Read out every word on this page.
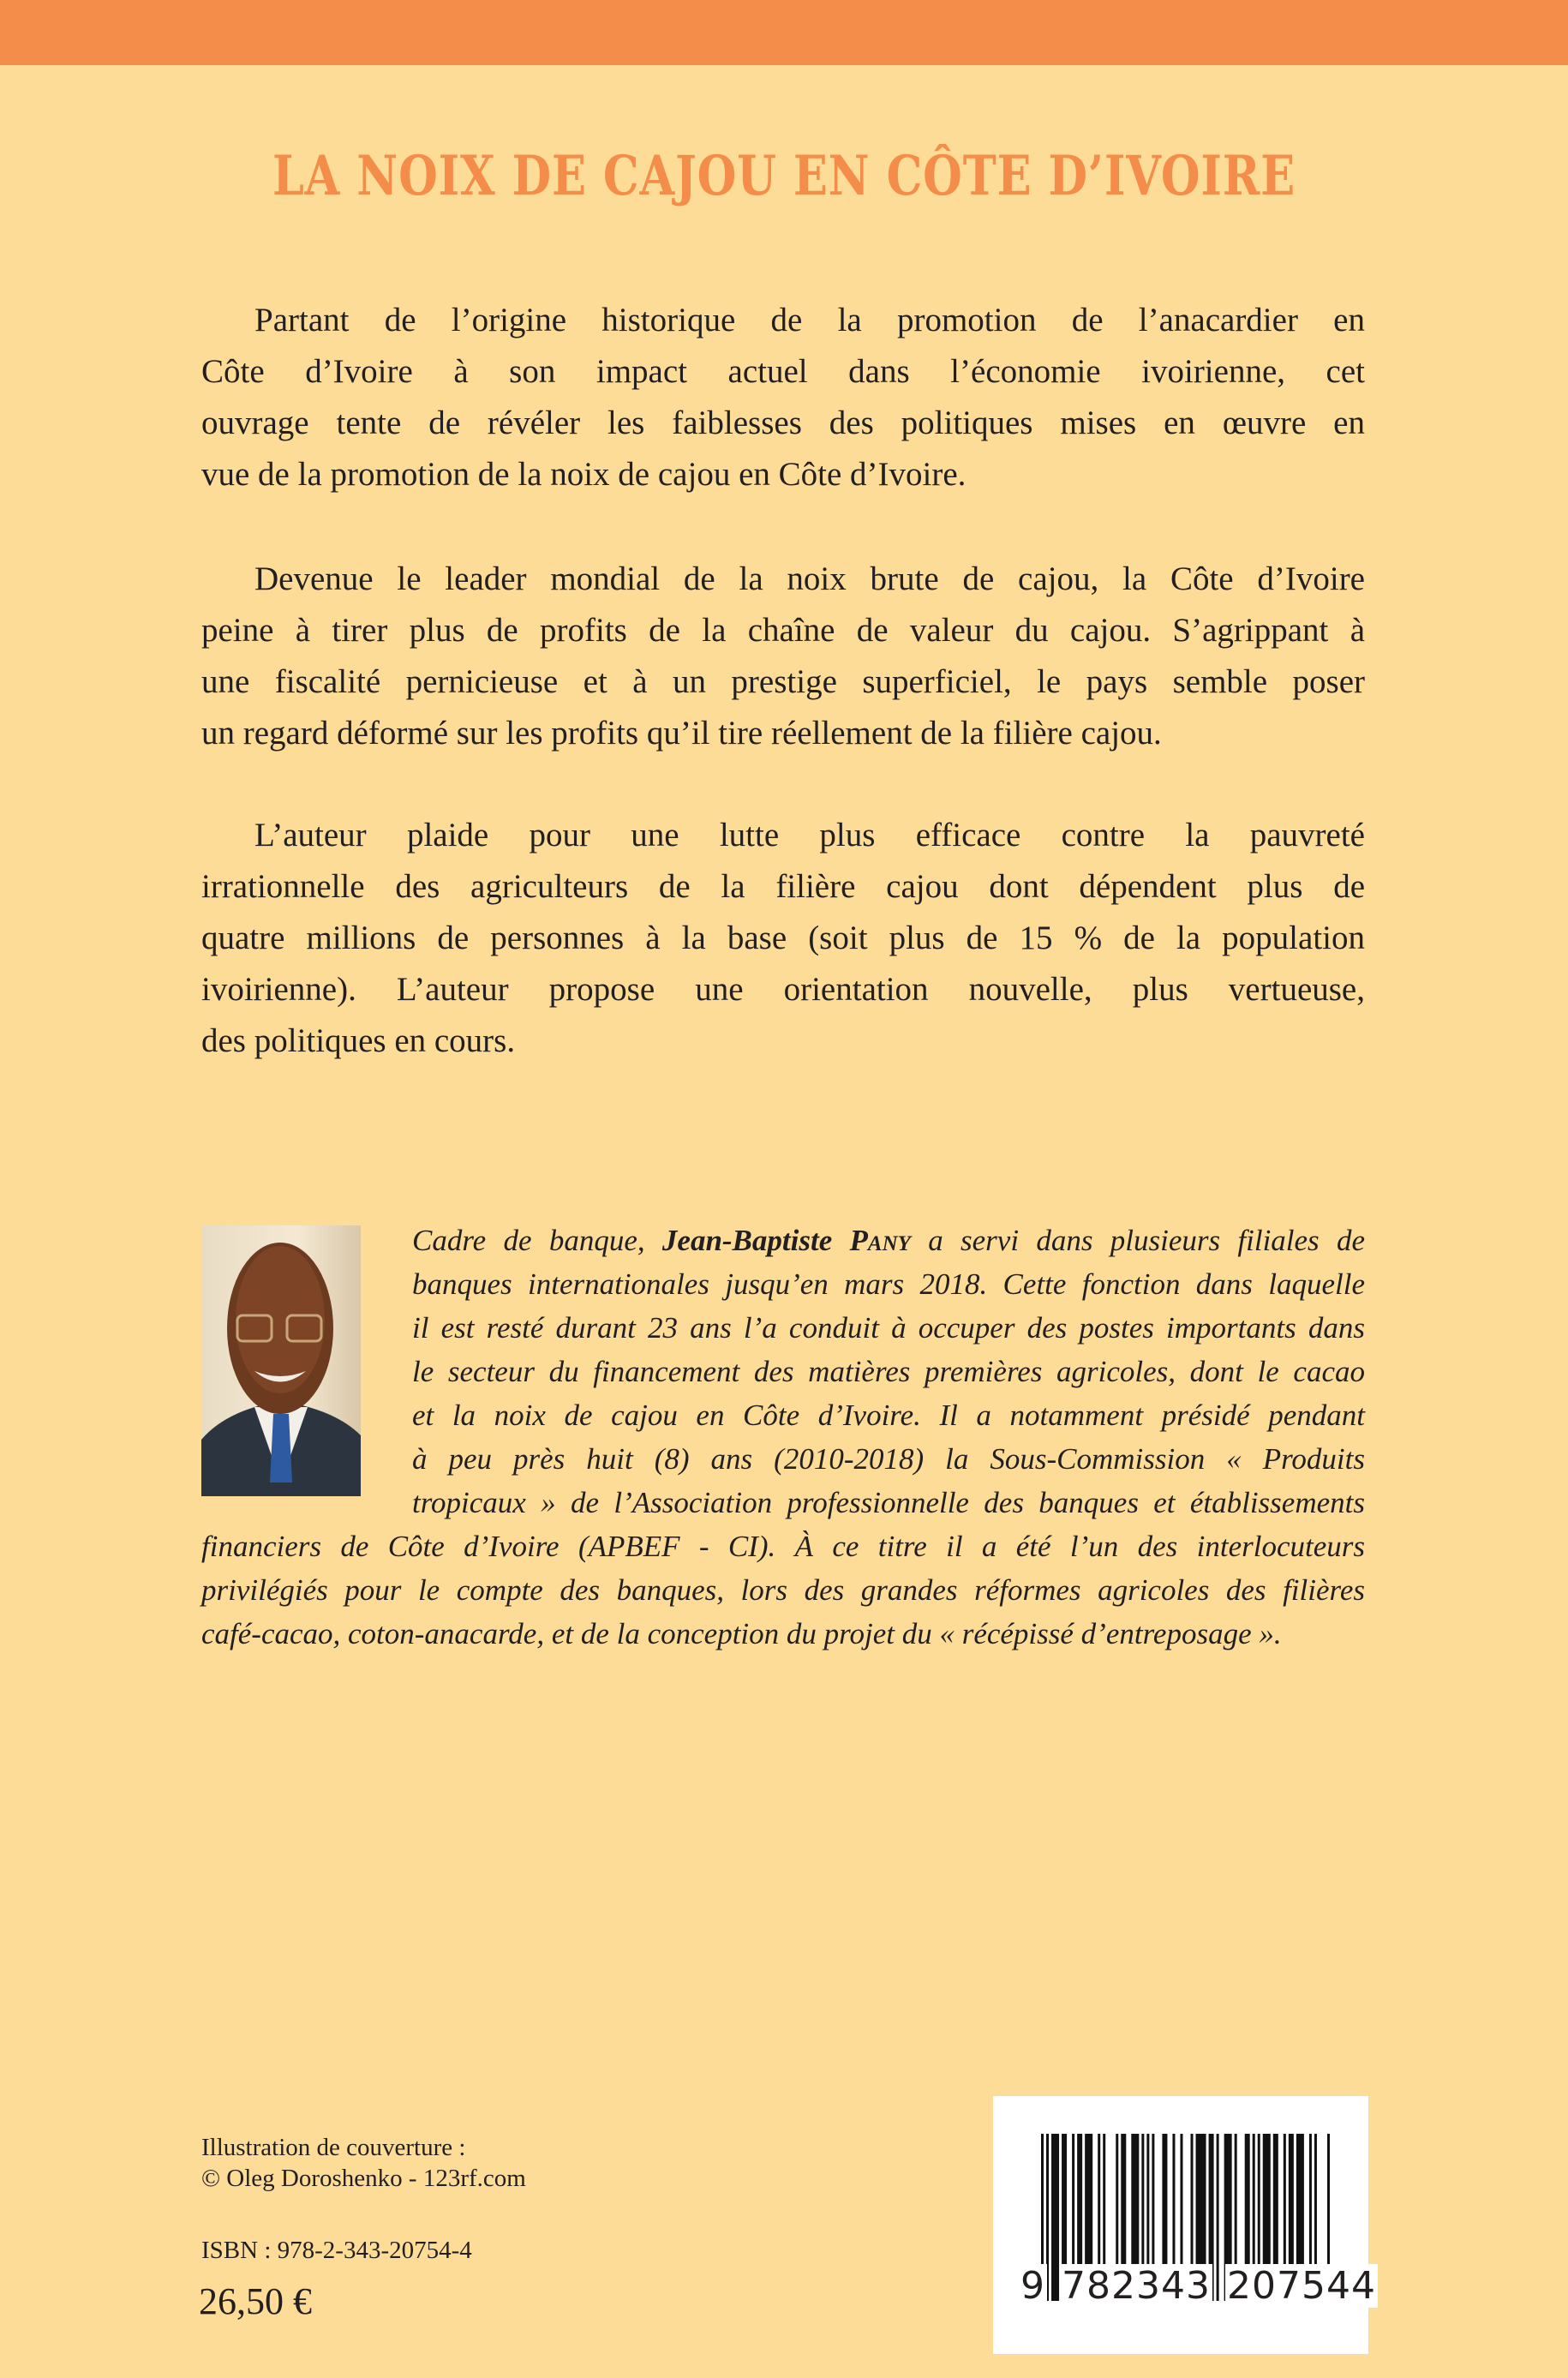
LA NOIX DE CAJOU EN CÔTE D’IVOIRE
Partant de l’origine historique de la promotion de l’anacardier en
Côte d’Ivoire à son impact actuel dans l’économie ivoirienne, cet
ouvrage tente de révéler les faiblesses des politiques mises en œuvre en
vue de la promotion de la noix de cajou en Côte d’Ivoire.
Devenue le leader mondial de la noix brute de cajou, la Côte d’Ivoire
peine à tirer plus de profits de la chaîne de valeur du cajou. S’agrippant à
une fiscalité pernicieuse et à un prestige superficiel, le pays semble poser
un regard déformé sur les profits qu’il tire réellement de la filière cajou.
L’auteur plaide pour une lutte plus efficace contre la pauvreté
irrationnelle des agriculteurs de la filière cajou dont dépendent plus de
quatre millions de personnes à la base (soit plus de 15 % de la population
ivoirienne). L’auteur propose une orientation nouvelle, plus vertueuse,
des politiques en cours.
Cadre de banque, Jean-Baptiste Pany a servi dans plusieurs filiales de
banques internationales jusqu’en mars 2018. Cette fonction dans laquelle
il est resté durant 23 ans l’a conduit à occuper des postes importants dans
le secteur du financement des matières premières agricoles, dont le cacao
et la noix de cajou en Côte d’Ivoire. Il a notamment présidé pendant
à peu près huit (8) ans (2010-2018) la Sous-Commission « Produits
tropicaux » de l’Association professionnelle des banques et établissements
financiers de Côte d’Ivoire (APBEF - CI). À ce titre il a été l’un des interlocuteurs
privilégiés pour le compte des banques, lors des grandes réformes agricoles des filières
café-cacao, coton-anacarde, et de la conception du projet du « récépissé d’entreposage ».
Illustration de couverture :
© Oleg Doroshenko - 123rf.com
ISBN : 978-2-343-20754-4
26,50 €	9 782343 207544
